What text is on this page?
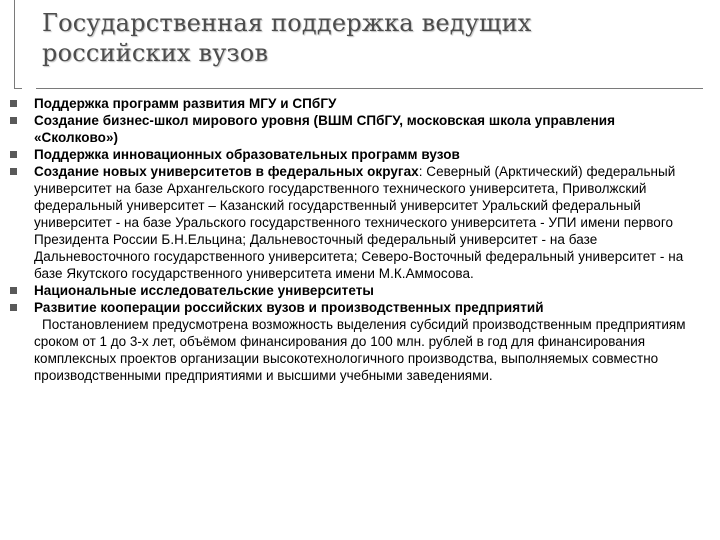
Государственная поддержка ведущих
российских вузов

Поддержка программ развития МГУ и СПбГУ

Создание бизнес-школ мирового уровня (ВШМ СПбГУ, московская школа управления «Сколково»)

Поддержка инновационных образовательных программ вузов

Создание новых университетов в федеральных округах: Северный (Арктический) федеральный университет на базе Архангельского государственного технического университета, Приволжский федеральный университет – Казанский государственный университет Уральский федеральный университет - на базе Уральского государственного технического университета - УПИ имени первого Президента России Б.Н.Ельцина; Дальневосточный федеральный университет - на базе Дальневосточного государственного университета; Северо-Восточный федеральный университет - на базе Якутского государственного университета имени М.К.Аммосова.

Национальные исследовательские университеты

Развитие кооперации российских вузов и производственных предприятий

Постановлением предусмотрена возможность выделения субсидий производственным предприятиям сроком от 1 до 3-х лет, объёмом финансирования до 100 млн. рублей в год для финансирования комплексных проектов организации высокотехнологичного производства, выполняемых совместно производственными предприятиями и высшими учебными заведениями.
